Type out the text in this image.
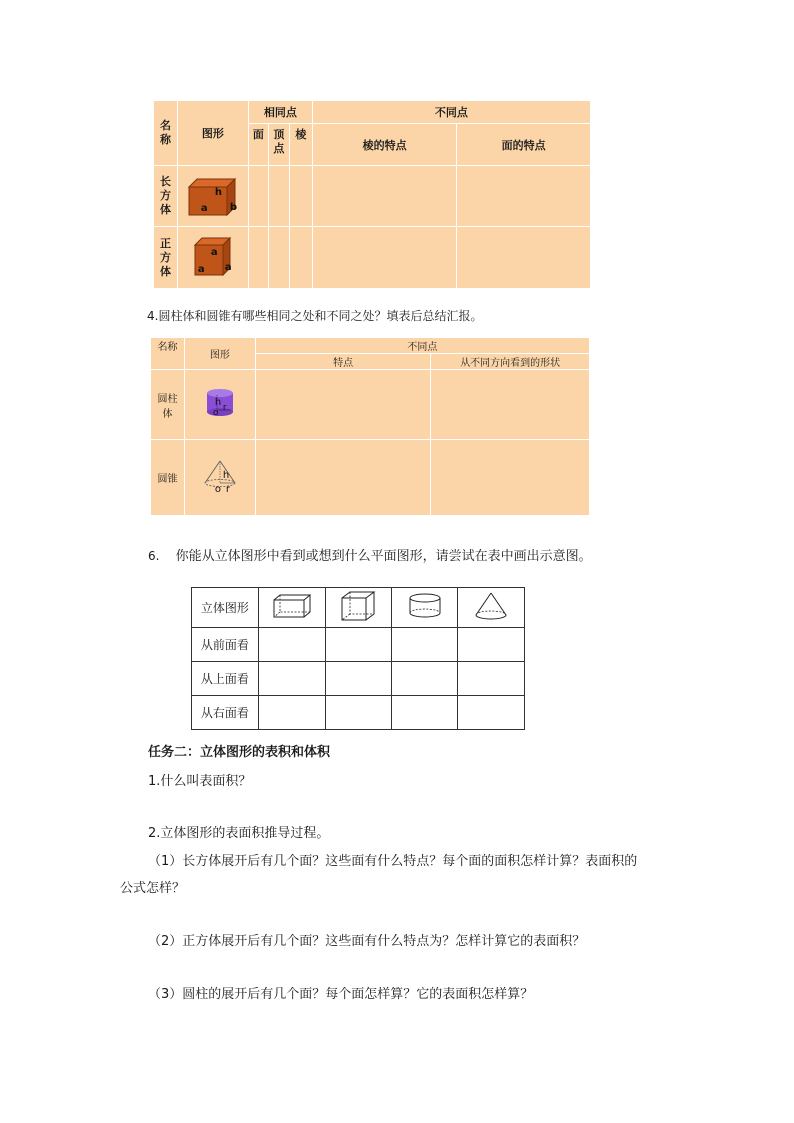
名称	图形	相同点			不同点	
		面	顶点	棱	棱的特点	面的特点
长方体	h
a b					

正方体	a
a a					

4.圆柱体和圆锥有哪些相同之处和不同之处？填表后总结汇报。
名称	图形	不同点	
		特点	从不同方向看到的形状
圆柱体	h
o r		

圆锥	h
o r		

6. 你能从立体图形中看到或想到什么平面图形，请尝试在表中画出示意图。
立体图形				
从前面看				
从上面看				
从右面看				
任务二：立体图形的表积和体积
1.什么叫表面积？
2.立体图形的表面积推导过程。
（1）长方体展开后有几个面？这些面有什么特点？每个面的面积怎样计算？表面积的
公式怎样？
（2）正方体展开后有几个面？这些面有什么特点为？怎样计算它的表面积？
（3）圆柱的展开后有几个面？每个面怎样算？它的表面积怎样算？
